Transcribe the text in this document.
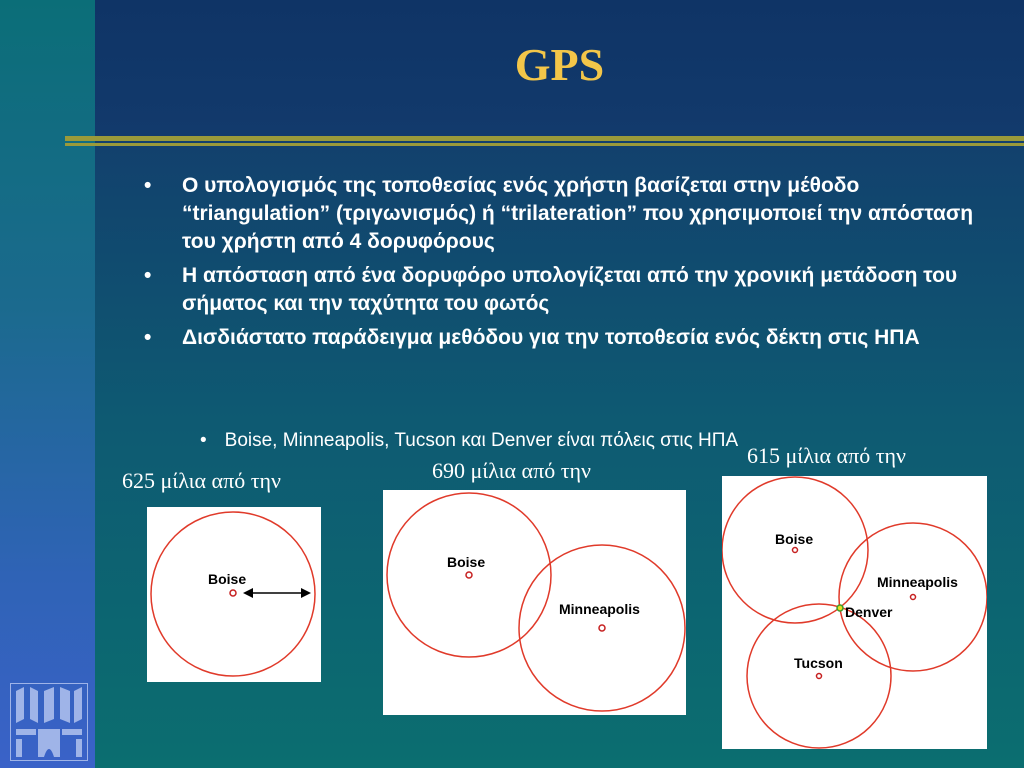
GPS
• Ο υπολογισμός της τοποθεσίας ενός χρήστη βασίζεται στην μέθοδο “triangulation” (τριγωνισμός) ή “trilateration” που χρησιμοποιεί την απόσταση του χρήστη από 4 δορυφόρους
• Η απόσταση από ένα δορυφόρο υπολογίζεται από την χρονική μετάδοση του σήματος και την ταχύτητα του φωτός
• Δισδιάστατο παράδειγμα μεθόδου για την τοποθεσία ενός δέκτη στις ΗΠΑ
• Boise, Minneapolis, Tucson και Denver είναι πόλεις στις ΗΠΑ
625 μίλια από την
Boise
690 μίλια από την
Boise
Minneapolis
Boise
Minneapolis
Denver
Tucson
615 μίλια από την
